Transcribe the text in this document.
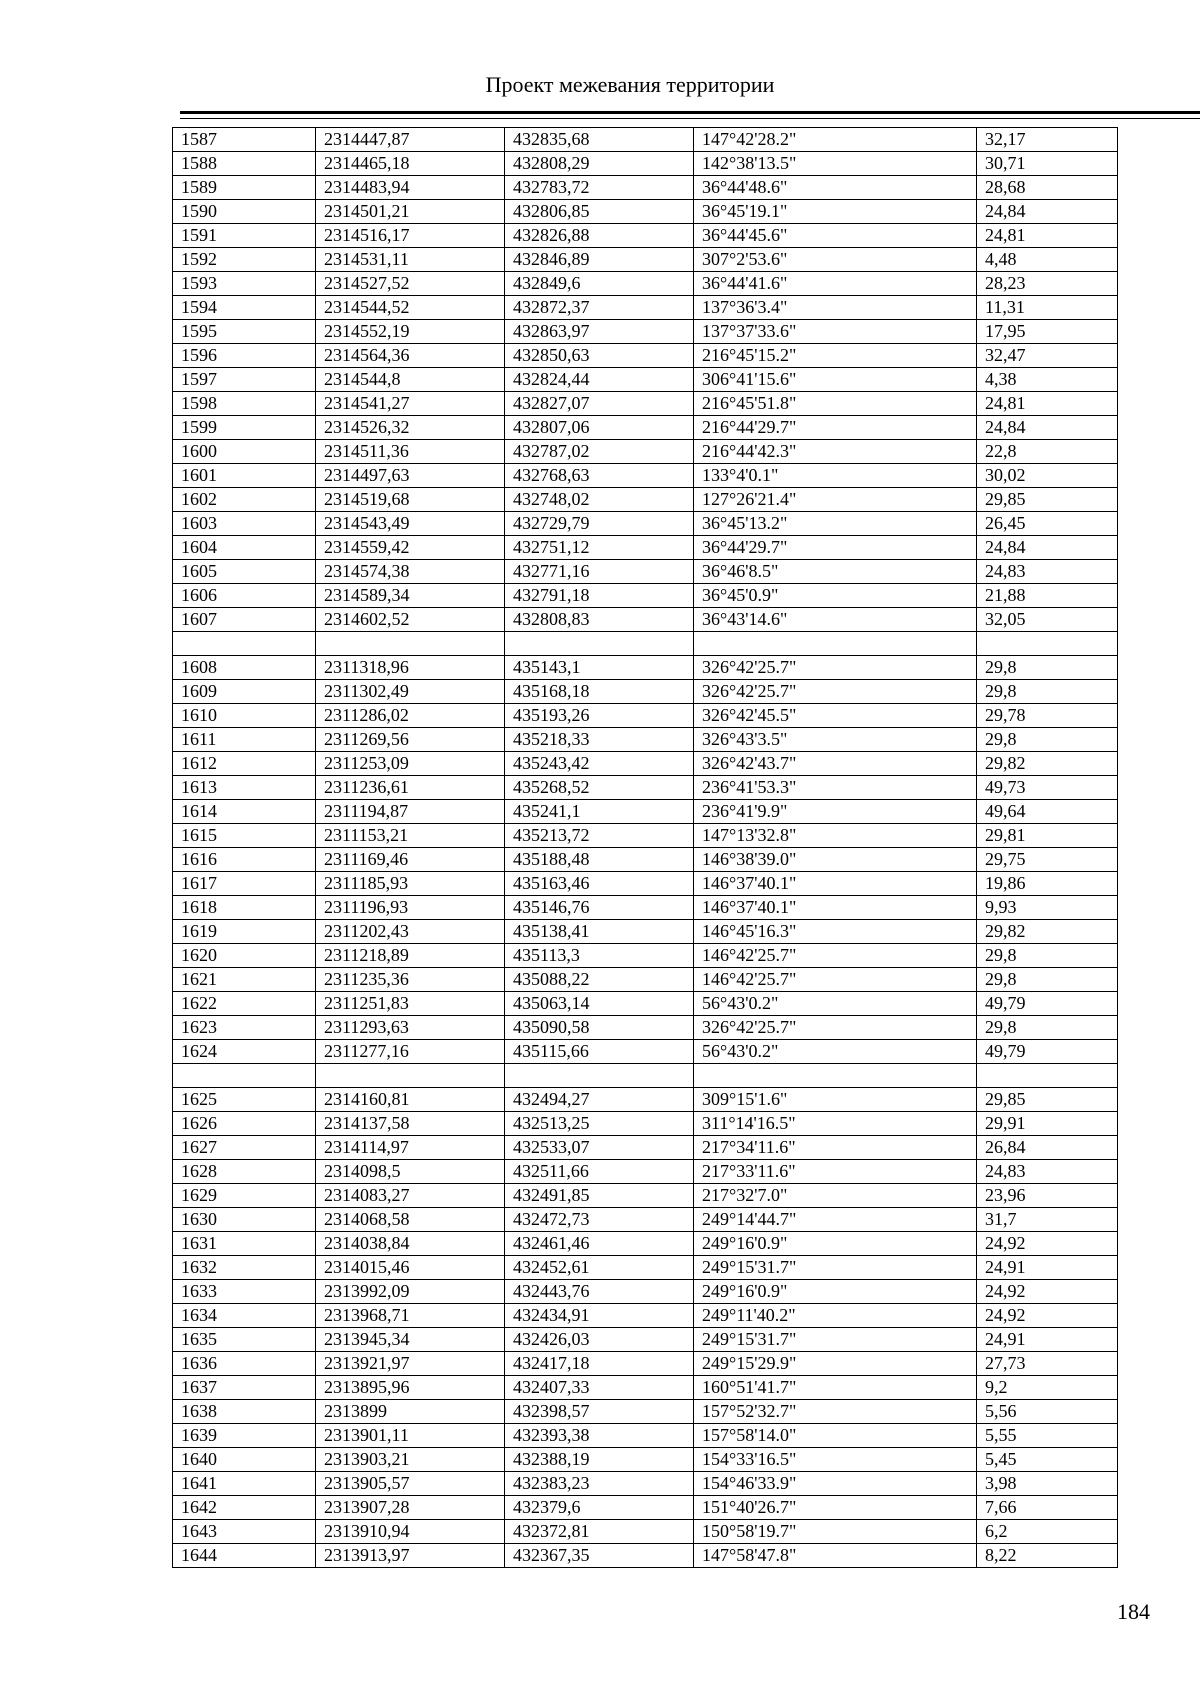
Проект межевания территории
1587	2314447,87	432835,68	147°42'28.2"	32,17
1588	2314465,18	432808,29	142°38'13.5"	30,71
1589	2314483,94	432783,72	36°44'48.6"	28,68
1590	2314501,21	432806,85	36°45'19.1"	24,84
1591	2314516,17	432826,88	36°44'45.6"	24,81
1592	2314531,11	432846,89	307°2'53.6"	4,48
1593	2314527,52	432849,6	36°44'41.6"	28,23
1594	2314544,52	432872,37	137°36'3.4"	11,31
1595	2314552,19	432863,97	137°37'33.6"	17,95
1596	2314564,36	432850,63	216°45'15.2"	32,47
1597	2314544,8	432824,44	306°41'15.6"	4,38
1598	2314541,27	432827,07	216°45'51.8"	24,81
1599	2314526,32	432807,06	216°44'29.7"	24,84
1600	2314511,36	432787,02	216°44'42.3"	22,8
1601	2314497,63	432768,63	133°4'0.1"	30,02
1602	2314519,68	432748,02	127°26'21.4"	29,85
1603	2314543,49	432729,79	36°45'13.2"	26,45
1604	2314559,42	432751,12	36°44'29.7"	24,84
1605	2314574,38	432771,16	36°46'8.5"	24,83
1606	2314589,34	432791,18	36°45'0.9"	21,88
1607	2314602,52	432808,83	36°43'14.6"	32,05

1608	2311318,96	435143,1	326°42'25.7"	29,8
1609	2311302,49	435168,18	326°42'25.7"	29,8
1610	2311286,02	435193,26	326°42'45.5"	29,78
1611	2311269,56	435218,33	326°43'3.5"	29,8
1612	2311253,09	435243,42	326°42'43.7"	29,82
1613	2311236,61	435268,52	236°41'53.3"	49,73
1614	2311194,87	435241,1	236°41'9.9"	49,64
1615	2311153,21	435213,72	147°13'32.8"	29,81
1616	2311169,46	435188,48	146°38'39.0"	29,75
1617	2311185,93	435163,46	146°37'40.1"	19,86
1618	2311196,93	435146,76	146°37'40.1"	9,93
1619	2311202,43	435138,41	146°45'16.3"	29,82
1620	2311218,89	435113,3	146°42'25.7"	29,8
1621	2311235,36	435088,22	146°42'25.7"	29,8
1622	2311251,83	435063,14	56°43'0.2"	49,79
1623	2311293,63	435090,58	326°42'25.7"	29,8
1624	2311277,16	435115,66	56°43'0.2"	49,79

1625	2314160,81	432494,27	309°15'1.6"	29,85
1626	2314137,58	432513,25	311°14'16.5"	29,91
1627	2314114,97	432533,07	217°34'11.6"	26,84
1628	2314098,5	432511,66	217°33'11.6"	24,83
1629	2314083,27	432491,85	217°32'7.0"	23,96
1630	2314068,58	432472,73	249°14'44.7"	31,7
1631	2314038,84	432461,46	249°16'0.9"	24,92
1632	2314015,46	432452,61	249°15'31.7"	24,91
1633	2313992,09	432443,76	249°16'0.9"	24,92
1634	2313968,71	432434,91	249°11'40.2"	24,92
1635	2313945,34	432426,03	249°15'31.7"	24,91
1636	2313921,97	432417,18	249°15'29.9"	27,73
1637	2313895,96	432407,33	160°51'41.7"	9,2
1638	2313899	432398,57	157°52'32.7"	5,56
1639	2313901,11	432393,38	157°58'14.0"	5,55
1640	2313903,21	432388,19	154°33'16.5"	5,45
1641	2313905,57	432383,23	154°46'33.9"	3,98
1642	2313907,28	432379,6	151°40'26.7"	7,66
1643	2313910,94	432372,81	150°58'19.7"	6,2
1644	2313913,97	432367,35	147°58'47.8"	8,22
184
